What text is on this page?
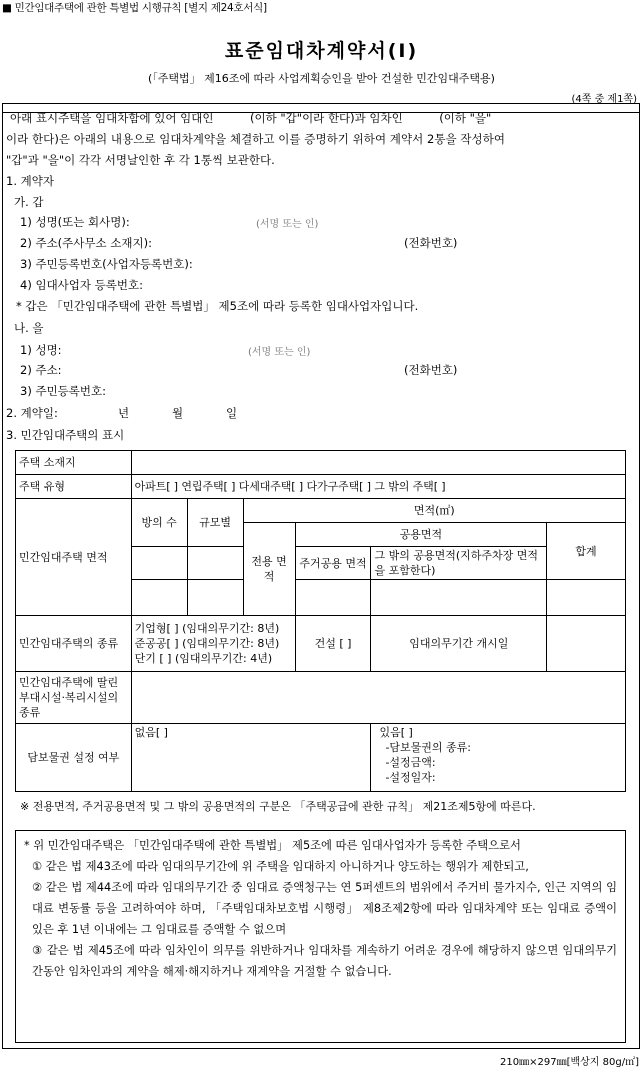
■ 민간임대주택에 관한 특별법 시행규칙 [별지 제24호서식]
표준임대차계약서(Ⅰ)
(「주택법」 제16조에 따라 사업계획승인을 받아 건설한 민간임대주택용)
(4쪽 중 제1쪽)
아래 표시주택을 임대차함에 있어 임대인          (이하 "갑"이라 한다)과 임차인          (이하 "을"
이라 한다)은 아래의 내용으로 임대차계약을 체결하고 이를 증명하기 위하여 계약서 2통을 작성하여
"갑"과 "을"이 각각 서명날인한 후 각 1통씩 보관한다.
1. 계약자
가. 갑
1) 성명(또는 회사명):	(서명 또는 인)
2) 주소(주사무소 소재지):	(전화번호)
3) 주민등록번호(사업자등록번호):
4) 임대사업자 등록번호:
* 갑은 「민간임대주택에 관한 특별법」 제5조에 따라 등록한 임대사업자입니다.
나. 을
1) 성명:	(서명 또는 인)
2) 주소:	(전화번호)
3) 주민등록번호:
2. 계약일:	년	월	일
3. 민간임대주택의 표시
주택 소재지						
주택 유형	아파트[ ] 연립주택[ ] 다세대주택[ ] 다가구주택[ ] 그 밖의 주택[ ]					
민간임대주택 면적	방의 수	규모별	면적(㎡)			
			전용 면적	공용면적		합계
				주거공용 면적	그 밖의 공용면적(지하주차장 면적을 포함한다)	

민간임대주택의 종류	기업형[ ] (임대의무기간: 8년)
준공공[ ] (임대의무기간: 8년)
단기 [ ] (임대의무기간: 4년)			건설 [ ]	임대의무기간 개시일	
민간임대주택에 딸린 부대시설·복리시설의 종류						
담보물권 설정 여부	없음[ ]				있음[ ]
-담보물권의 종류:
-설정금액:
-설정일자:	
※ 전용면적, 주거공용면적 및 그 밖의 공용면적의 구분은 「주택공급에 관한 규칙」 제21조제5항에 따른다.

* 위 민간임대주택은 「민간임대주택에 관한 특별법」 제5조에 따른 임대사업자가 등록한 주택으로서

① 같은 법 제43조에 따라 임대의무기간에 위 주택을 임대하지 아니하거나 양도하는 행위가 제한되고,

② 같은 법 제44조에 따라 임대의무기간 중 임대료 증액청구는 연 5퍼센트의 범위에서 주거비 물가지수, 인근 지역의 임대료 변동률 등을 고려하여야 하며, 「주택임대차보호법 시행령」 제8조제2항에 따라 임대차계약 또는 임대료 증액이 있은 후 1년 이내에는 그 임대료를 증액할 수 없으며

③ 같은 법 제45조에 따라 임차인이 의무를 위반하거나 임대차를 계속하기 어려운 경우에 해당하지 않으면 임대의무기간동안 임차인과의 계약을 해제·해지하거나 재계약을 거절할 수 없습니다.

210㎜×297㎜[백상지 80g/㎡]
